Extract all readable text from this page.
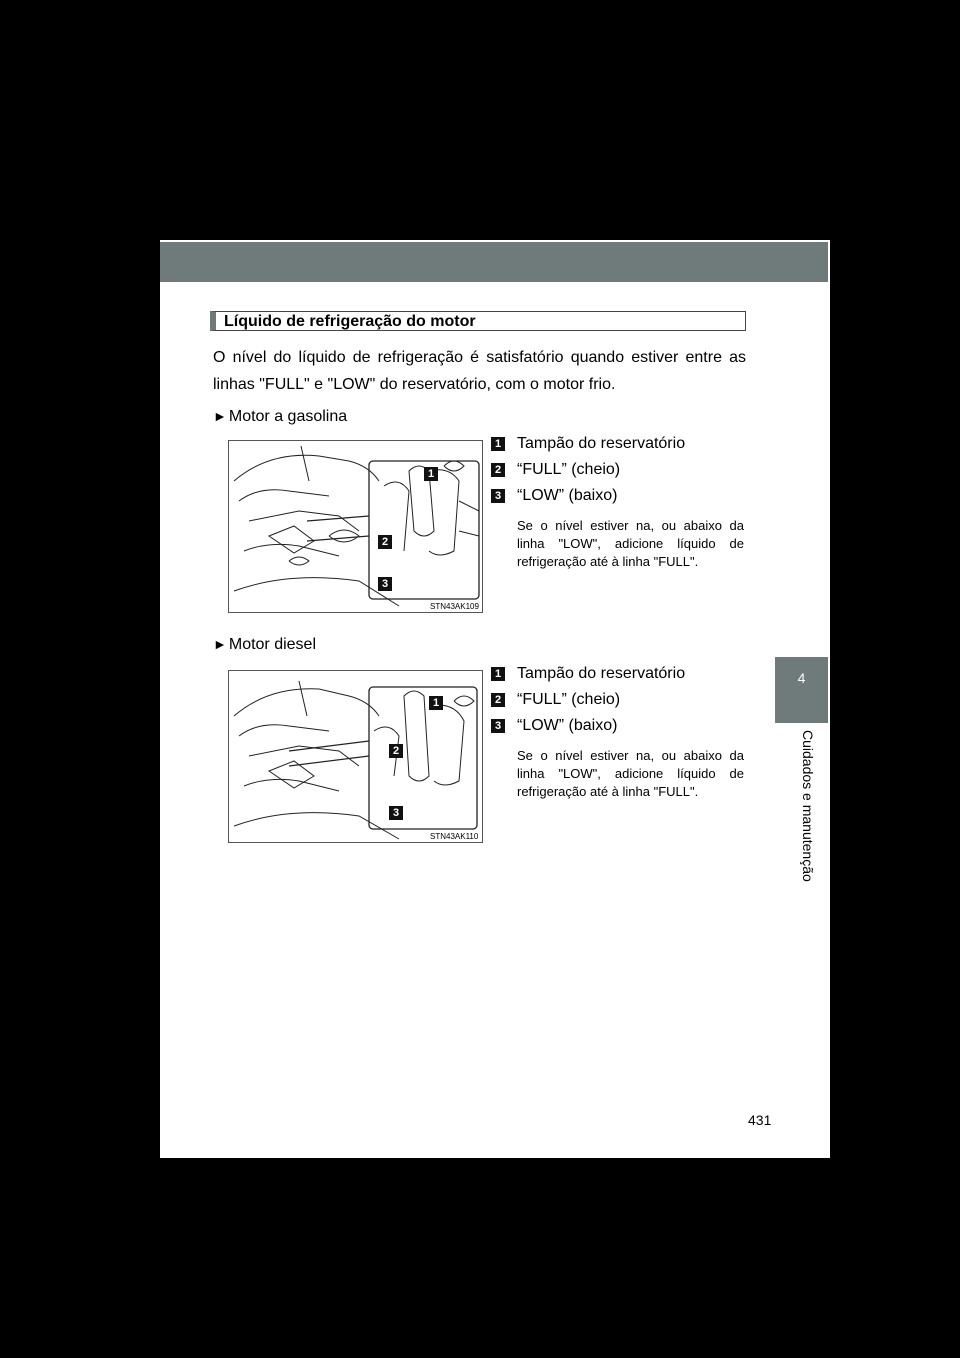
4
Cuidados e manutenção
Líquido de refrigeração do motor
O nível do líquido de refrigeração é satisfatório quando estiver entre as linhas "FULL" e "LOW" do reservatório, com o motor frio.
► Motor a gasolina
1
2
3
STN43AK109
1 Tampão do reservatório
2 “FULL” (cheio)
3 “LOW” (baixo)
Se o nível estiver na, ou abaixo da linha "LOW", adicione líquido de refrigeração até à linha "FULL".
► Motor diesel
1
2
3
STN43AK110
1 Tampão do reservatório
2 “FULL” (cheio)
3 “LOW” (baixo)
Se o nível estiver na, ou abaixo da linha "LOW", adicione líquido de refrigeração até à linha "FULL".
431
